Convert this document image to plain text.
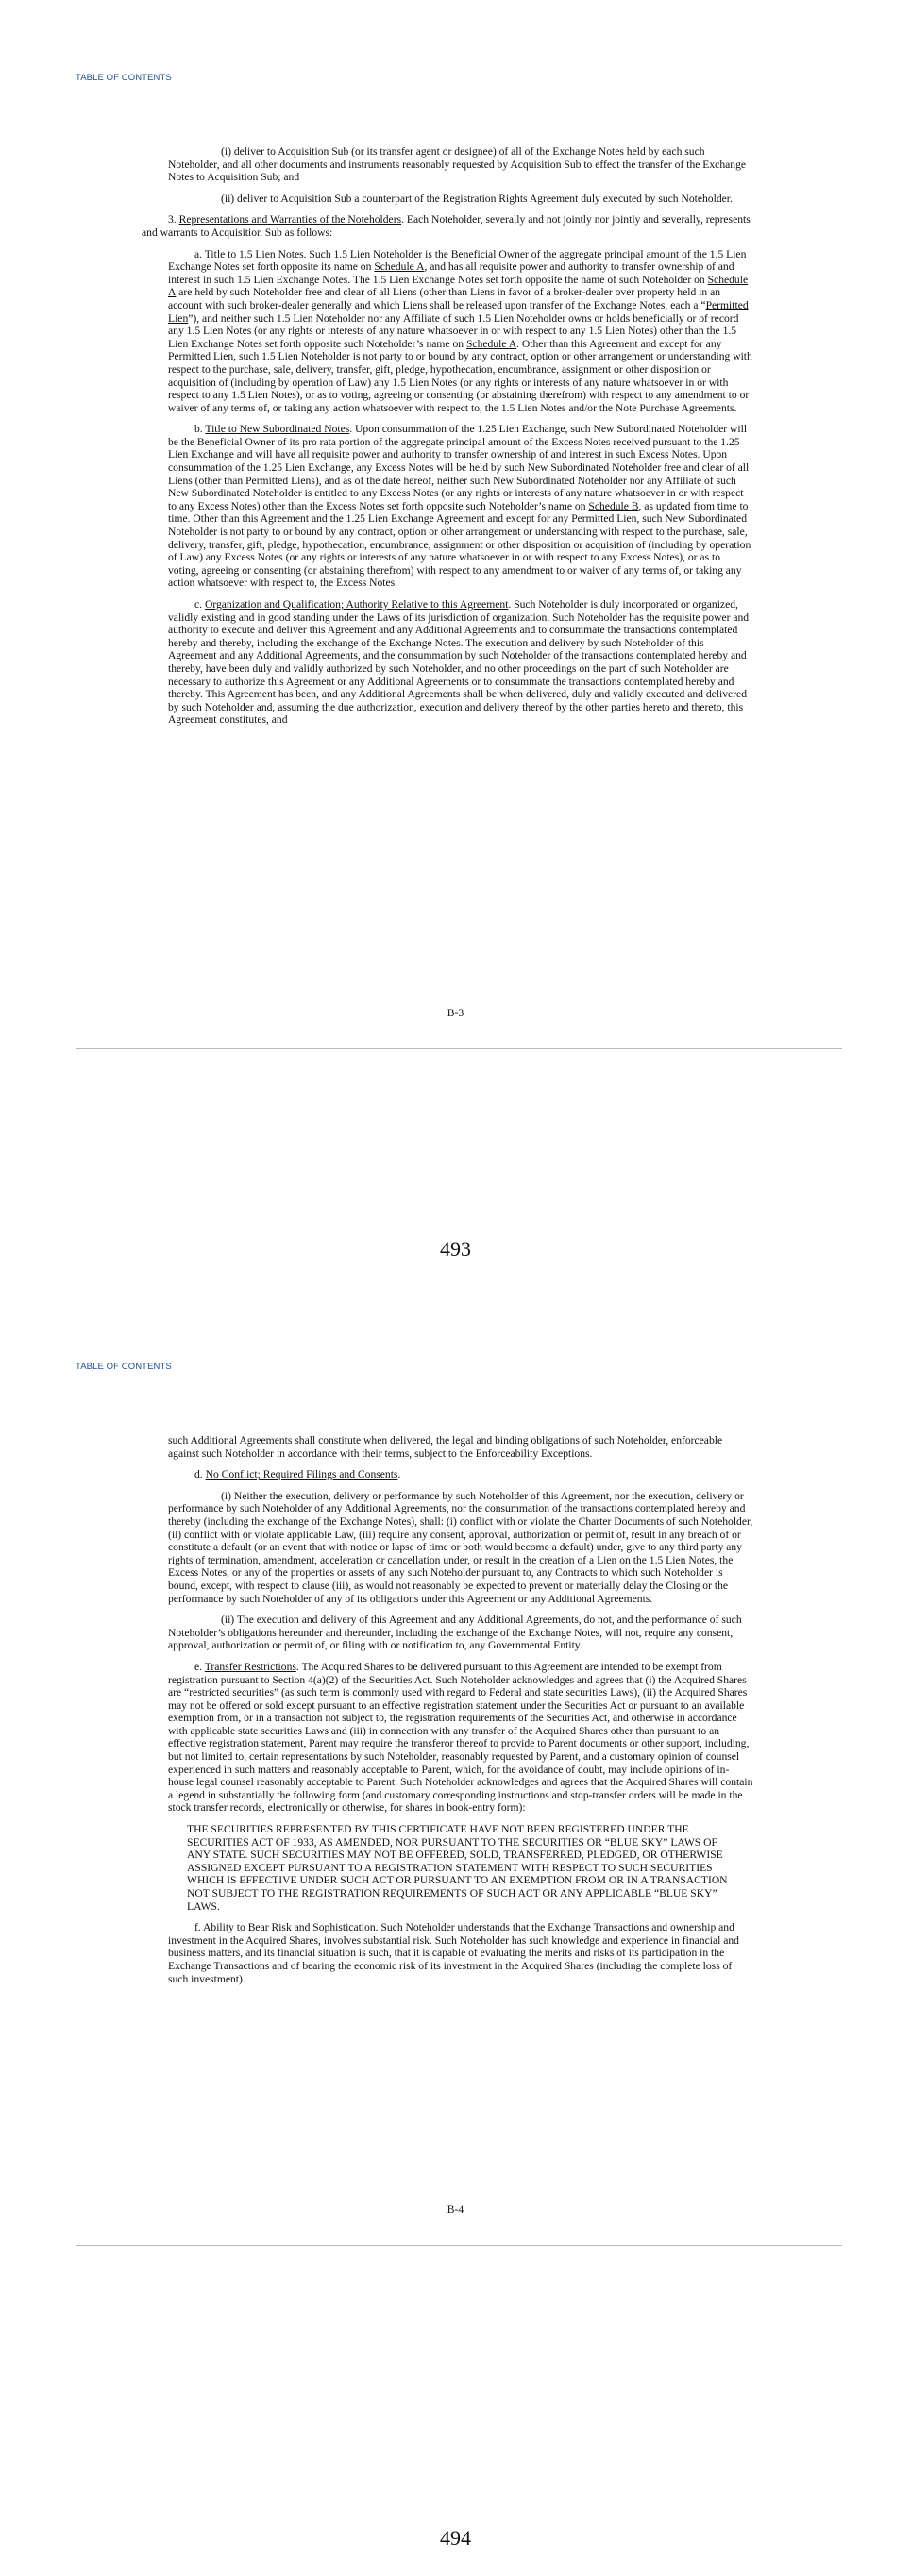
TABLE OF CONTENTS

(i) deliver to Acquisition Sub (or its transfer agent or designee) of all of the Exchange Notes held by each such Noteholder, and all other documents and instruments reasonably requested by Acquisition Sub to effect the transfer of the Exchange Notes to Acquisition Sub; and

(ii) deliver to Acquisition Sub a counterpart of the Registration Rights Agreement duly executed by such Noteholder.

3. Representations and Warranties of the Noteholders. Each Noteholder, severally and not jointly nor jointly and severally, represents and warrants to Acquisition Sub as follows:

a. Title to 1.5 Lien Notes. Such 1.5 Lien Noteholder is the Beneficial Owner of the aggregate principal amount of the 1.5 Lien Exchange Notes set forth opposite its name on Schedule A, and has all requisite power and authority to transfer ownership of and interest in such 1.5 Lien Exchange Notes. The 1.5 Lien Exchange Notes set forth opposite the name of such Noteholder on Schedule A are held by such Noteholder free and clear of all Liens (other than Liens in favor of a broker-dealer over property held in an account with such broker-dealer generally and which Liens shall be released upon transfer of the Exchange Notes, each a “Permitted Lien”), and neither such 1.5 Lien Noteholder nor any Affiliate of such 1.5 Lien Noteholder owns or holds beneficially or of record any 1.5 Lien Notes (or any rights or interests of any nature whatsoever in or with respect to any 1.5 Lien Notes) other than the 1.5 Lien Exchange Notes set forth opposite such Noteholder’s name on Schedule A. Other than this Agreement and except for any Permitted Lien, such 1.5 Lien Noteholder is not party to or bound by any contract, option or other arrangement or understanding with respect to the purchase, sale, delivery, transfer, gift, pledge, hypothecation, encumbrance, assignment or other disposition or acquisition of (including by operation of Law) any 1.5 Lien Notes (or any rights or interests of any nature whatsoever in or with respect to any 1.5 Lien Notes), or as to voting, agreeing or consenting (or abstaining therefrom) with respect to any amendment to or waiver of any terms of, or taking any action whatsoever with respect to, the 1.5 Lien Notes and/or the Note Purchase Agreements.

b. Title to New Subordinated Notes. Upon consummation of the 1.25 Lien Exchange, such New Subordinated Noteholder will be the Beneficial Owner of its pro rata portion of the aggregate principal amount of the Excess Notes received pursuant to the 1.25 Lien Exchange and will have all requisite power and authority to transfer ownership of and interest in such Excess Notes. Upon consummation of the 1.25 Lien Exchange, any Excess Notes will be held by such New Subordinated Noteholder free and clear of all Liens (other than Permitted Liens), and as of the date hereof, neither such New Subordinated Noteholder nor any Affiliate of such New Subordinated Noteholder is entitled to any Excess Notes (or any rights or interests of any nature whatsoever in or with respect to any Excess Notes) other than the Excess Notes set forth opposite such Noteholder’s name on Schedule B, as updated from time to time. Other than this Agreement and the 1.25 Lien Exchange Agreement and except for any Permitted Lien, such New Subordinated Noteholder is not party to or bound by any contract, option or other arrangement or understanding with respect to the purchase, sale, delivery, transfer, gift, pledge, hypothecation, encumbrance, assignment or other disposition or acquisition of (including by operation of Law) any Excess Notes (or any rights or interests of any nature whatsoever in or with respect to any Excess Notes), or as to voting, agreeing or consenting (or abstaining therefrom) with respect to any amendment to or waiver of any terms of, or taking any action whatsoever with respect to, the Excess Notes.

c. Organization and Qualification; Authority Relative to this Agreement. Such Noteholder is duly incorporated or organized, validly existing and in good standing under the Laws of its jurisdiction of organization. Such Noteholder has the requisite power and authority to execute and deliver this Agreement and any Additional Agreements and to consummate the transactions contemplated hereby and thereby, including the exchange of the Exchange Notes. The execution and delivery by such Noteholder of this Agreement and any Additional Agreements, and the consummation by such Noteholder of the transactions contemplated hereby and thereby, have been duly and validly authorized by such Noteholder, and no other proceedings on the part of such Noteholder are necessary to authorize this Agreement or any Additional Agreements or to consummate the transactions contemplated hereby and thereby. This Agreement has been, and any Additional Agreements shall be when delivered, duly and validly executed and delivered by such Noteholder and, assuming the due authorization, execution and delivery thereof by the other parties hereto and thereto, this Agreement constitutes, and

B-3
493
TABLE OF CONTENTS

such Additional Agreements shall constitute when delivered, the legal and binding obligations of such Noteholder, enforceable against such Noteholder in accordance with their terms, subject to the Enforceability Exceptions.

d. No Conflict; Required Filings and Consents.

(i) Neither the execution, delivery or performance by such Noteholder of this Agreement, nor the execution, delivery or performance by such Noteholder of any Additional Agreements, nor the consummation of the transactions contemplated hereby and thereby (including the exchange of the Exchange Notes), shall: (i) conflict with or violate the Charter Documents of such Noteholder, (ii) conflict with or violate applicable Law, (iii) require any consent, approval, authorization or permit of, result in any breach of or constitute a default (or an event that with notice or lapse of time or both would become a default) under, give to any third party any rights of termination, amendment, acceleration or cancellation under, or result in the creation of a Lien on the 1.5 Lien Notes, the Excess Notes, or any of the properties or assets of any such Noteholder pursuant to, any Contracts to which such Noteholder is bound, except, with respect to clause (iii), as would not reasonably be expected to prevent or materially delay the Closing or the performance by such Noteholder of any of its obligations under this Agreement or any Additional Agreements.

(ii) The execution and delivery of this Agreement and any Additional Agreements, do not, and the performance of such Noteholder’s obligations hereunder and thereunder, including the exchange of the Exchange Notes, will not, require any consent, approval, authorization or permit of, or filing with or notification to, any Governmental Entity.

e. Transfer Restrictions. The Acquired Shares to be delivered pursuant to this Agreement are intended to be exempt from registration pursuant to Section 4(a)(2) of the Securities Act. Such Noteholder acknowledges and agrees that (i) the Acquired Shares are “restricted securities” (as such term is commonly used with regard to Federal and state securities Laws), (ii) the Acquired Shares may not be offered or sold except pursuant to an effective registration statement under the Securities Act or pursuant to an available exemption from, or in a transaction not subject to, the registration requirements of the Securities Act, and otherwise in accordance with applicable state securities Laws and (iii) in connection with any transfer of the Acquired Shares other than pursuant to an effective registration statement, Parent may require the transferor thereof to provide to Parent documents or other support, including, but not limited to, certain representations by such Noteholder, reasonably requested by Parent, and a customary opinion of counsel experienced in such matters and reasonably acceptable to Parent, which, for the avoidance of doubt, may include opinions of in-house legal counsel reasonably acceptable to Parent. Such Noteholder acknowledges and agrees that the Acquired Shares will contain a legend in substantially the following form (and customary corresponding instructions and stop-transfer orders will be made in the stock transfer records, electronically or otherwise, for shares in book-entry form):

THE SECURITIES REPRESENTED BY THIS CERTIFICATE HAVE NOT BEEN REGISTERED UNDER THE SECURITIES ACT OF 1933, AS AMENDED, NOR PURSUANT TO THE SECURITIES OR “BLUE SKY” LAWS OF ANY STATE. SUCH SECURITIES MAY NOT BE OFFERED, SOLD, TRANSFERRED, PLEDGED, OR OTHERWISE ASSIGNED EXCEPT PURSUANT TO A REGISTRATION STATEMENT WITH RESPECT TO SUCH SECURITIES WHICH IS EFFECTIVE UNDER SUCH ACT OR PURSUANT TO AN EXEMPTION FROM OR IN A TRANSACTION NOT SUBJECT TO THE REGISTRATION REQUIREMENTS OF SUCH ACT OR ANY APPLICABLE “BLUE SKY” LAWS.

f. Ability to Bear Risk and Sophistication. Such Noteholder understands that the Exchange Transactions and ownership and investment in the Acquired Shares, involves substantial risk. Such Noteholder has such knowledge and experience in financial and business matters, and its financial situation is such, that it is capable of evaluating the merits and risks of its participation in the Exchange Transactions and of bearing the economic risk of its investment in the Acquired Shares (including the complete loss of such investment).

B-4
494
